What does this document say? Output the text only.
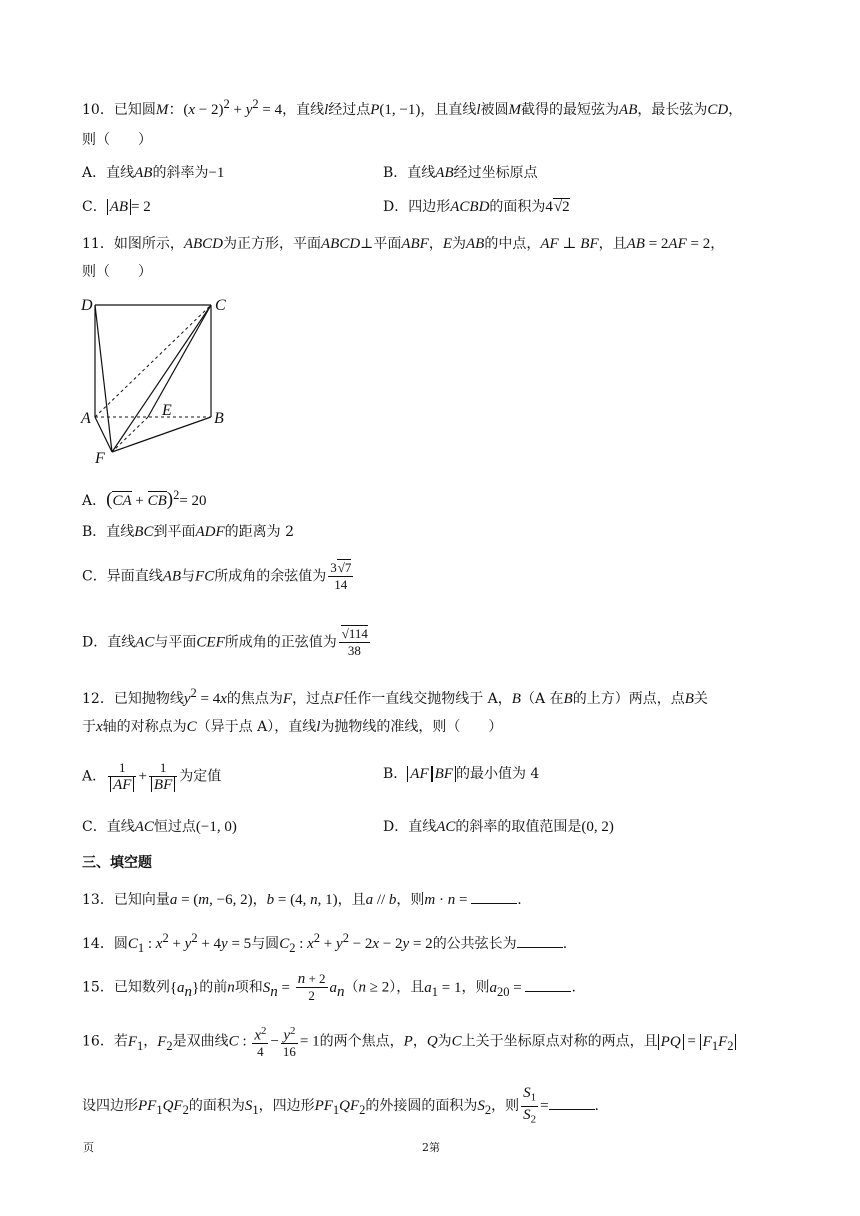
10．已知圆M：$(x - 2)^2 + y^2 = 4$，直线l经过点P(1, −1)，且直线l被圆M截得的最短弦为AB，最长弦为CD，
则（　　）
A．直线AB的斜率为−1	B．直线AB经过坐标原点
C． AB = 2	D．四边形ACBD的面积为4√2
11．如图所示，ABCD为正方形，平面ABCD⊥平面ABF，E为AB的中点，AF ⊥ BF，且AB = 2AF = 2，
则（　　）
D	C
A	E	B
F
A．(CA + CB)$^2$= 20
B．直线BC到平面ADF的距离为 2
C．异面直线AB与FC所成角的余弦值为 $\frac{3√7}{14}$
D．直线AC与平面CEF所成角的正弦值为 $\frac{√114}{38}$
12．已知抛物线$y^2 = 4x$的焦点为F，过点F任作一直线交抛物线于 A，B（A 在B的上方）两点，点B关
于x轴的对称点为C（异于点 A），直线l为抛物线的准线，则（　　）
A． $\frac{1}{AF} + \frac{1}{BF}$ 为定值	B． AF BF 的最小值为 4
C．直线AC恒过点(−1, 0)	D．直线AC的斜率的取值范围是(0, 2)
三、填空题
13．已知向量a = (m, −6, 2)，b = (4, n, 1)，且a // b，则m · n =	.
14．圆$C_1$ : $x^2 + y^2 + 4y = 5$与圆$C_2$ : $x^2 + y^2 - 2x - 2y = 2$的公共弦长为	.
15．已知数列$\{a_n\}$的前n项和$S_n = \frac{n + 2}{2} a_n(n \ge 2)$，且$a_1 = 1$，则$a_{20}$ =	.
16．若$F_1$，$F_2$是双曲线C : $\frac{x^2}{4} - \frac{y^2}{16} = 1$的两个焦点，P，Q为C上关于坐标原点对称的两点，且 PQ = $F_1F_2$
设四边形$PF_1QF_2$的面积为$S_1$，四边形$PF_1QF_2$的外接圆的面积为$S_2$，则 $\frac{S_1}{S_2}$ =	.
页	2第
